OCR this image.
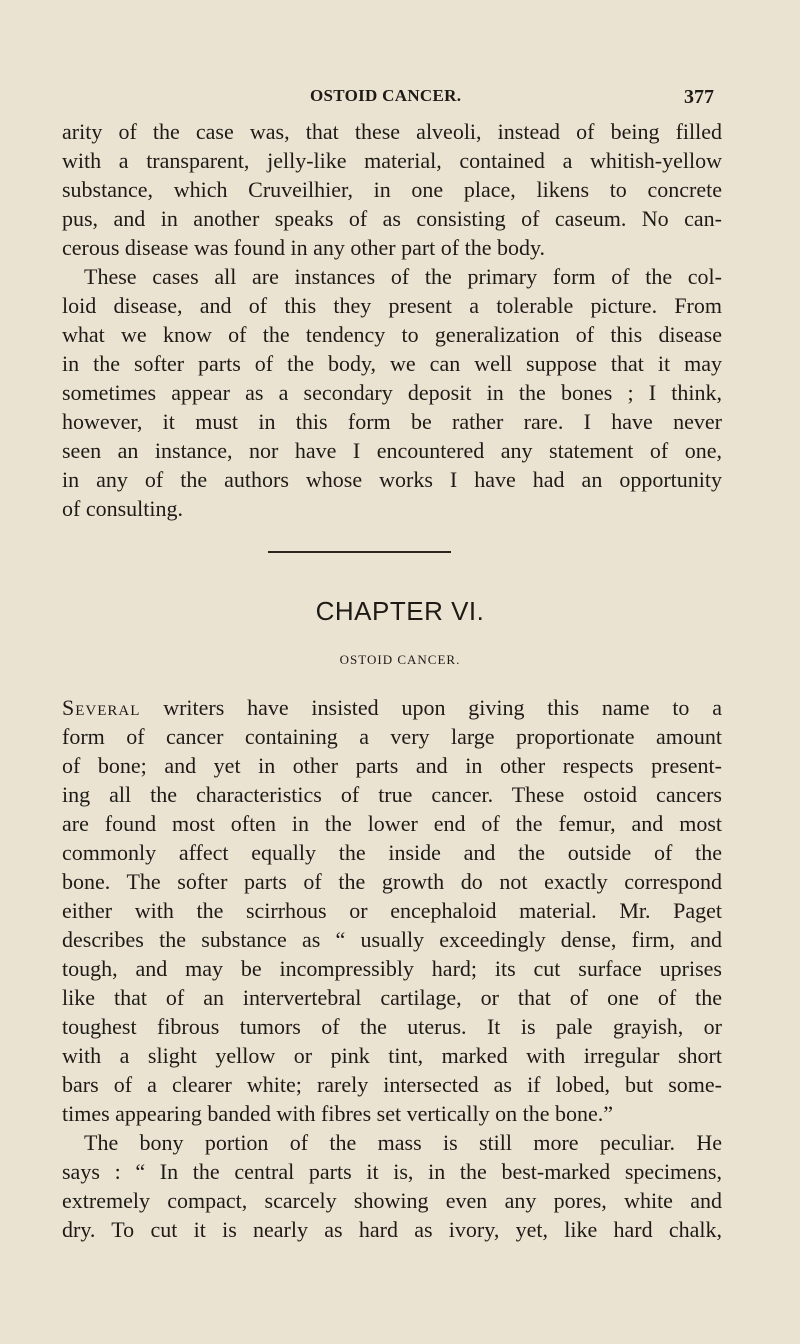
OSTOID CANCER.	377
arity of the case was, that these alveoli, instead of being filled
with a transparent, jelly-like material, contained a whitish-yellow
substance, which Cruveilhier, in one place, likens to concrete
pus, and in another speaks of as consisting of caseum. No can-
cerous disease was found in any other part of the body.
These cases all are instances of the primary form of the col-
loid disease, and of this they present a tolerable picture. From
what we know of the tendency to generalization of this disease
in the softer parts of the body, we can well suppose that it may
sometimes appear as a secondary deposit in the bones ; I think,
however, it must in this form be rather rare. I have never
seen an instance, nor have I encountered any statement of one,
in any of the authors whose works I have had an opportunity
of consulting.
CHAPTER VI.
OSTOID CANCER.
Several writers have insisted upon giving this name to a
form of cancer containing a very large proportionate amount
of bone; and yet in other parts and in other respects present-
ing all the characteristics of true cancer. These ostoid cancers
are found most often in the lower end of the femur, and most
commonly affect equally the inside and the outside of the
bone. The softer parts of the growth do not exactly correspond
either with the scirrhous or encephaloid material. Mr. Paget
describes the substance as “ usually exceedingly dense, firm, and
tough, and may be incompressibly hard; its cut surface uprises
like that of an intervertebral cartilage, or that of one of the
toughest fibrous tumors of the uterus. It is pale grayish, or
with a slight yellow or pink tint, marked with irregular short
bars of a clearer white; rarely intersected as if lobed, but some-
times appearing banded with fibres set vertically on the bone.”
The bony portion of the mass is still more peculiar. He
says : “ In the central parts it is, in the best-marked specimens,
extremely compact, scarcely showing even any pores, white and
dry. To cut it is nearly as hard as ivory, yet, like hard chalk,
